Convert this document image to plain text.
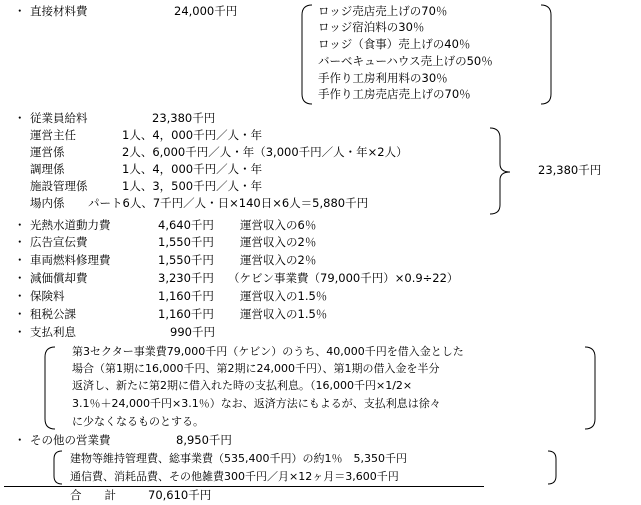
・ 直接材料費	24,000千円	ロッジ売店売上げの70％
ロッジ宿泊料の30％
ロッジ（食事）売上げの40％
バーベキューハウス売上げの50％
手作り工房利用料の30％
手作り工房売店売上げの70％
・ 従業員給料	23,380千円
運営主任	1人、4，000千円／人・年
運営係	2人、6,000千円／人・年（3,000千円／人・年×2人）
調理係	1人、4，000千円／人・年
施設管理係	1人、3，500千円／人・年
場内係 パート6人、7千円／人・日×140日×6人＝5,880千円
23,380千円
・ 光熱水道動力費	4,640千円 運営収入の6％
・ 広告宣伝費	1,550千円 運営収入の2％
・ 車両燃料修理費	1,550千円 運営収入の2％
・ 減価償却費	3,230千円 （ケビン事業費（79,000千円）×0.9÷22）
・ 保険料	1,160千円 運営収入の1.5％
・ 租税公課	1,160千円 運営収入の1.5％
・ 支払利息	990千円
第3セクター事業費79,000千円（ケビン）のうち、40,000千円を借入金とした
場合（第1期に16,000千円、第2期に24,000千円）、第1期の借入金を半分
返済し、新たに第2期に借入れた時の支払利息。（16,000千円×1/2×
3.1％＋24,000千円×3.1％）なお、返済方法にもよるが、支払利息は徐々
に少なくなるものとする。
・ その他の営業費	8,950千円
建物等維持管理費、総事業費（535,400千円）の約1％　5,350千円
通信費、消耗品費、その他雑費300千円／月×12ヶ月＝3,600千円
合　　計	70,610千円
